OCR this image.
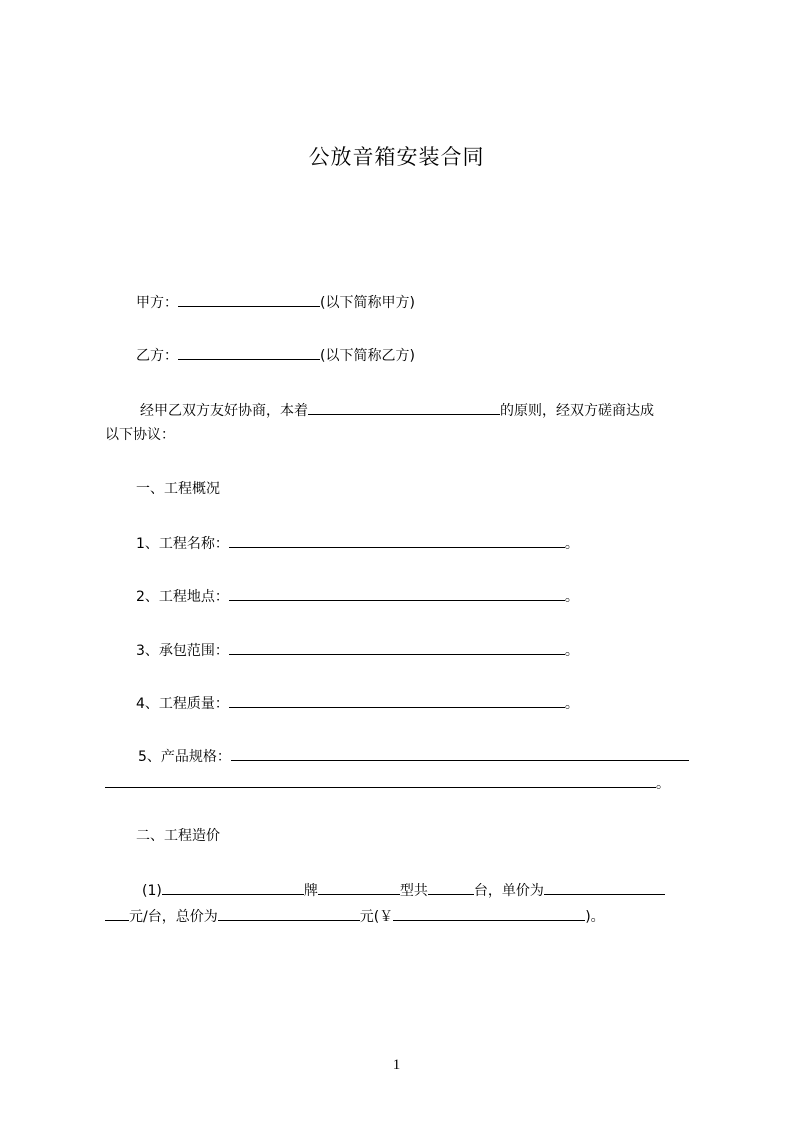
公放音箱安装合同
甲方：	(以下简称甲方)
乙方：	(以下简称乙方)
经甲乙双方友好协商，本着	的原则，经双方磋商达成
以下协议：
一、工程概况
1、工程名称：	。
2、工程地点：	。
3、承包范围：	。
4、工程质量：	。
5、产品规格：
。
二、工程造价
(1)	牌	型共	台，单价为
元/台，总价为	元(￥	)。
1
